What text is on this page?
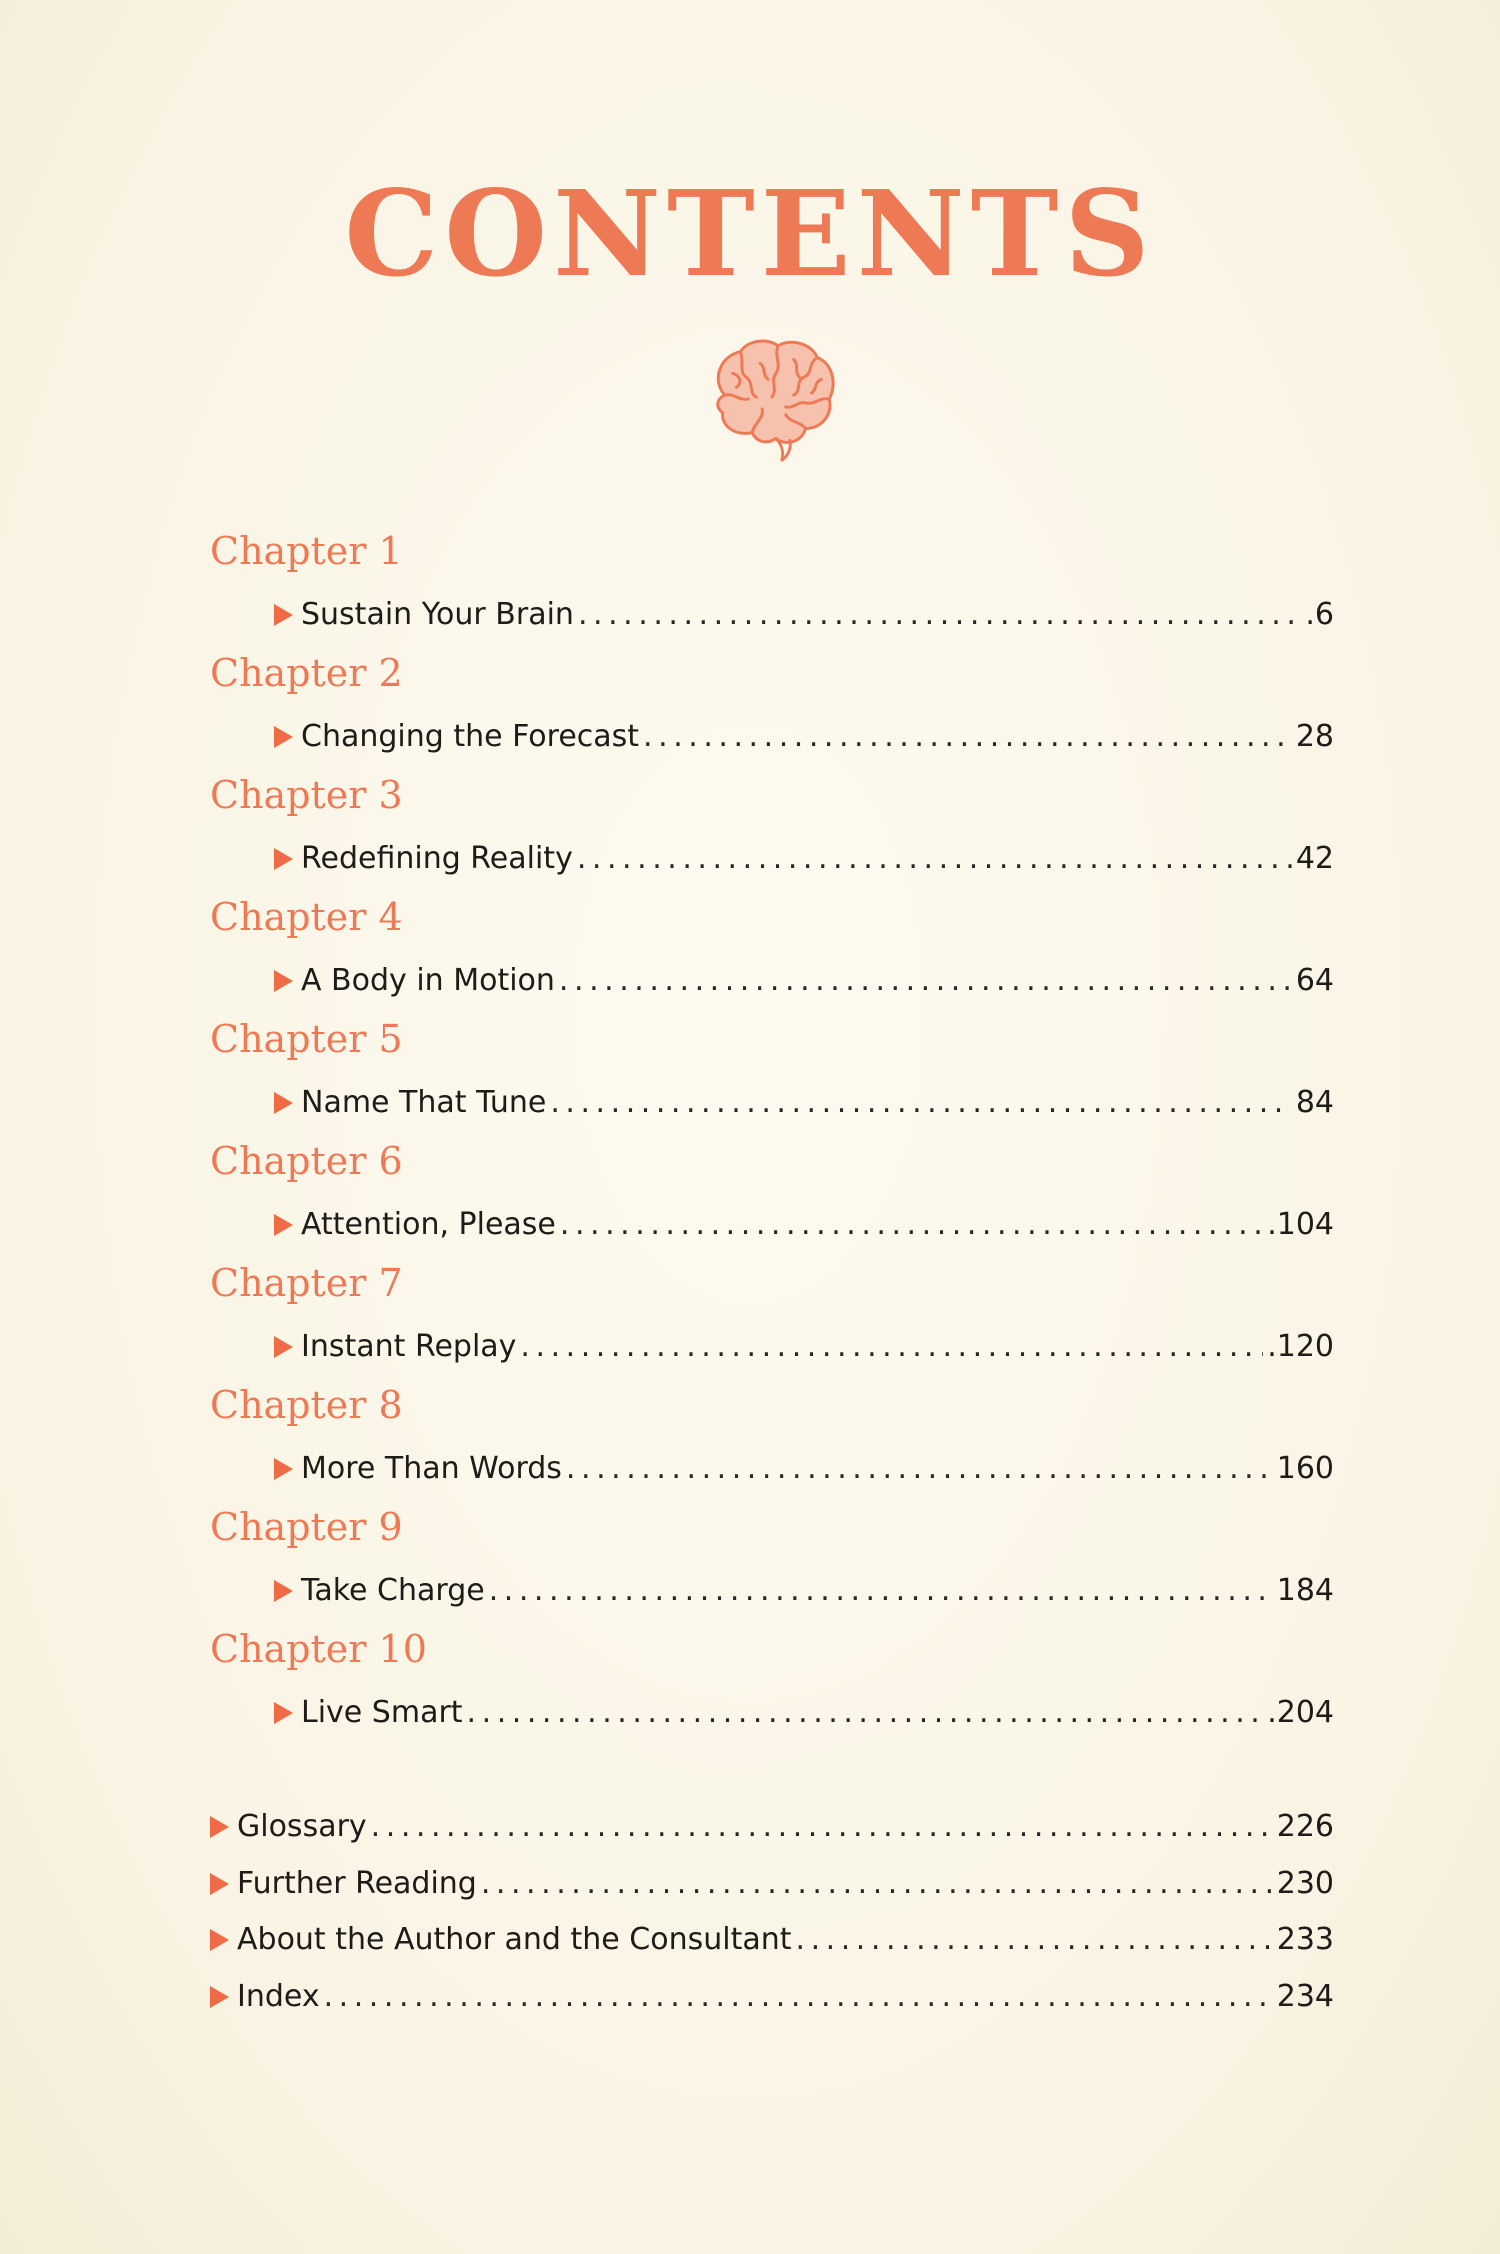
CONTENTS
Chapter 1
Sustain Your Brain . . .	.6
Chapter 2
Changing the Forecast . . .	28
Chapter 3
Redefining Reality . . .	42
Chapter 4
A Body in Motion . . .	64
Chapter 5
Name That Tune . . .	84
Chapter 6
Attention, Please . . .	.104
Chapter 7
Instant Replay . . .	.120
Chapter 8
More Than Words . . .	160
Chapter 9
Take Charge . . .	184
Chapter 10
Live Smart . . .	.204
Glossary . . .	226
Further Reading . . .	230
About the Author and the Consultant . . .	233
Index . . .	234
